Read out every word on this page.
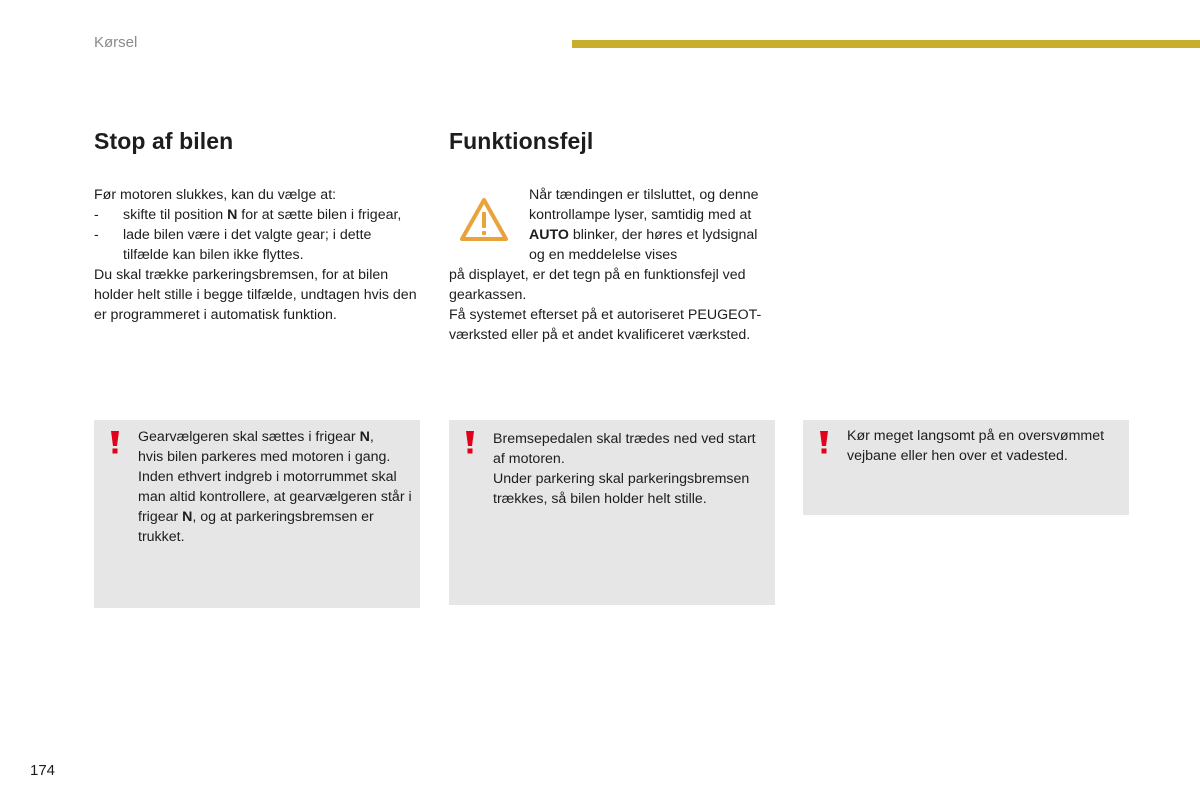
Kørsel
Stop af bilen	Funktionsfejl
Før motoren slukkes, kan du vælge at:
- skifte til position N for at sætte bilen i frigear,
- lade bilen være i det valgte gear; i dette tilfælde kan bilen ikke flyttes.
Du skal trække parkeringsbremsen, for at bilen holder helt stille i begge tilfælde, undtagen hvis den er programmeret i automatisk funktion.
Når tændingen er tilsluttet, og denne kontrollampe lyser, samtidig med at AUTO blinker, der høres et lydsignal og en meddelelse vises
på displayet, er det tegn på en funktionsfejl ved gearkassen.
Få systemet efterset på et autoriseret PEUGEOT-værksted eller på et andet kvalificeret værksted.
Gearvælgeren skal sættes i frigear N,
hvis bilen parkeres med motoren i gang.
Inden ethvert indgreb i motorrummet skal man altid kontrollere, at gearvælgeren står i frigear N, og at parkeringsbremsen er trukket.
Bremsepedalen skal trædes ned ved start af motoren.
Under parkering skal parkeringsbremsen trækkes, så bilen holder helt stille.
Kør meget langsomt på en oversvømmet vejbane eller hen over et vadested.
174
